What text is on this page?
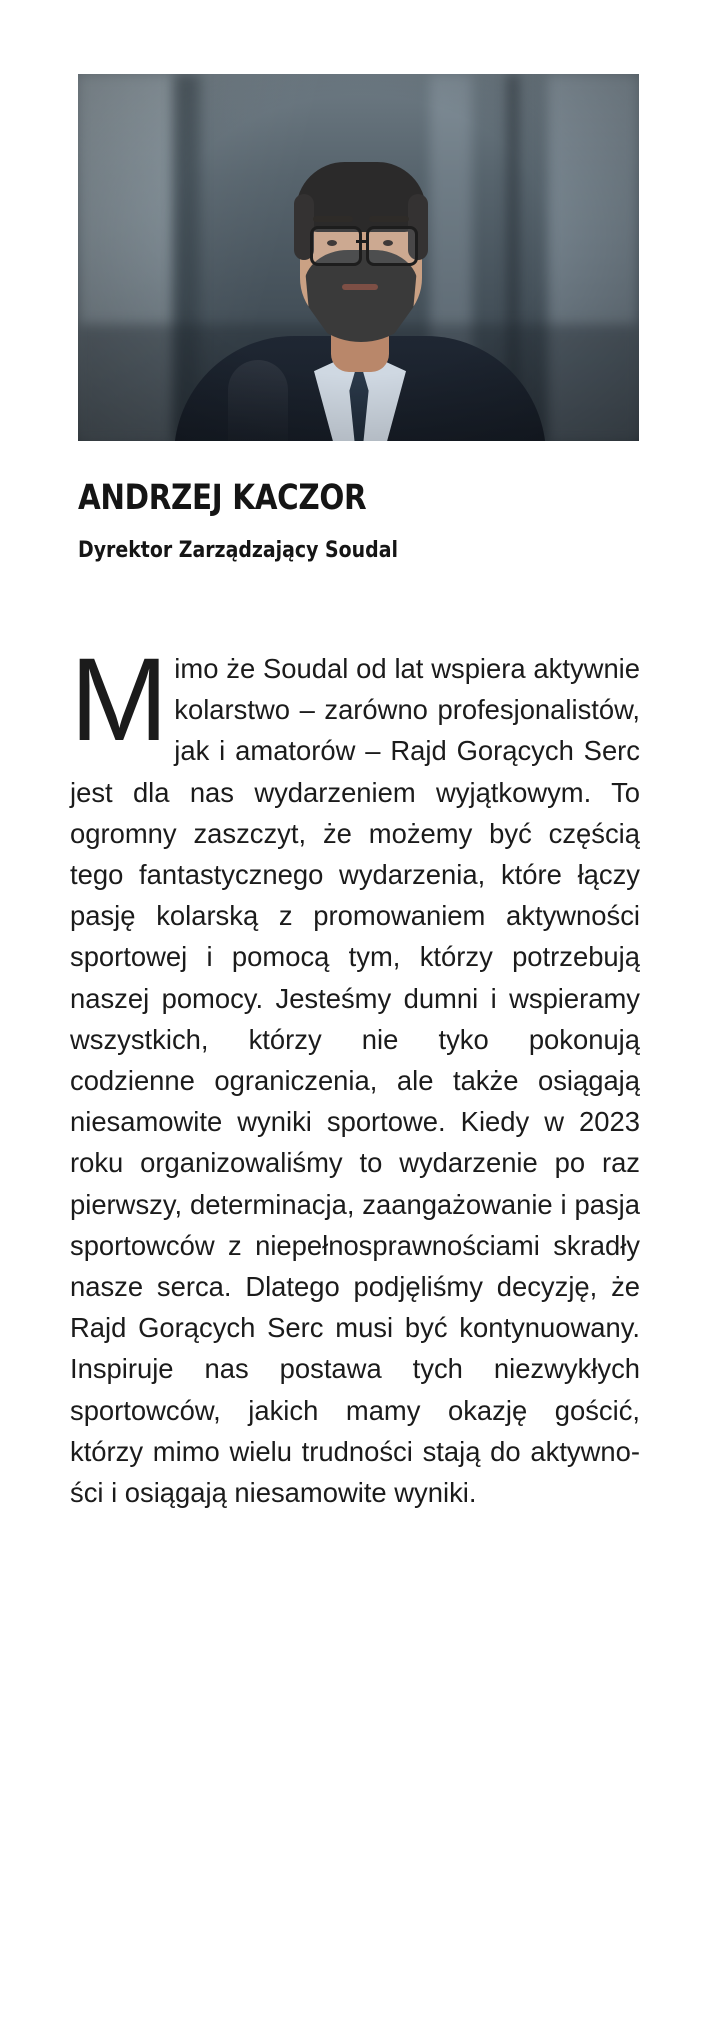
ANDRZEJ KACZOR
Dyrektor Zarządzający Soudal
M imo że Soudal od lat wspiera aktywnie kolarstwo – zarówno profesjonalistów, jak i amatorów – Rajd Gorących Serc jest dla nas wydarzeniem wyjątkowym. To ogromny zaszczyt, że możemy być częścią tego fantastycznego wydarzenia, które łączy pasję kolarską z promowaniem aktywności sportowej i pomocą tym, którzy potrzebują naszej pomocy. Jesteśmy dumni i wspieramy wszystkich, którzy nie tyko pokonują codzienne ograniczenia, ale także osiągają niesamowite wyniki sportowe. Kiedy w 2023 roku organizowaliśmy to wydarzenie po raz pierwszy, determinacja, zaangażowanie i pasja sportowców z niepełnosprawnościami skradły nasze serca. Dlatego podjęliśmy decyzję, że Rajd Gorących Serc musi być kontynuowany. Inspiruje nas postawa tych niezwykłych sportowców, jakich mamy okazję gościć, którzy mimo wielu trudności stają do aktywności i osiągają niesamowite wyniki.
